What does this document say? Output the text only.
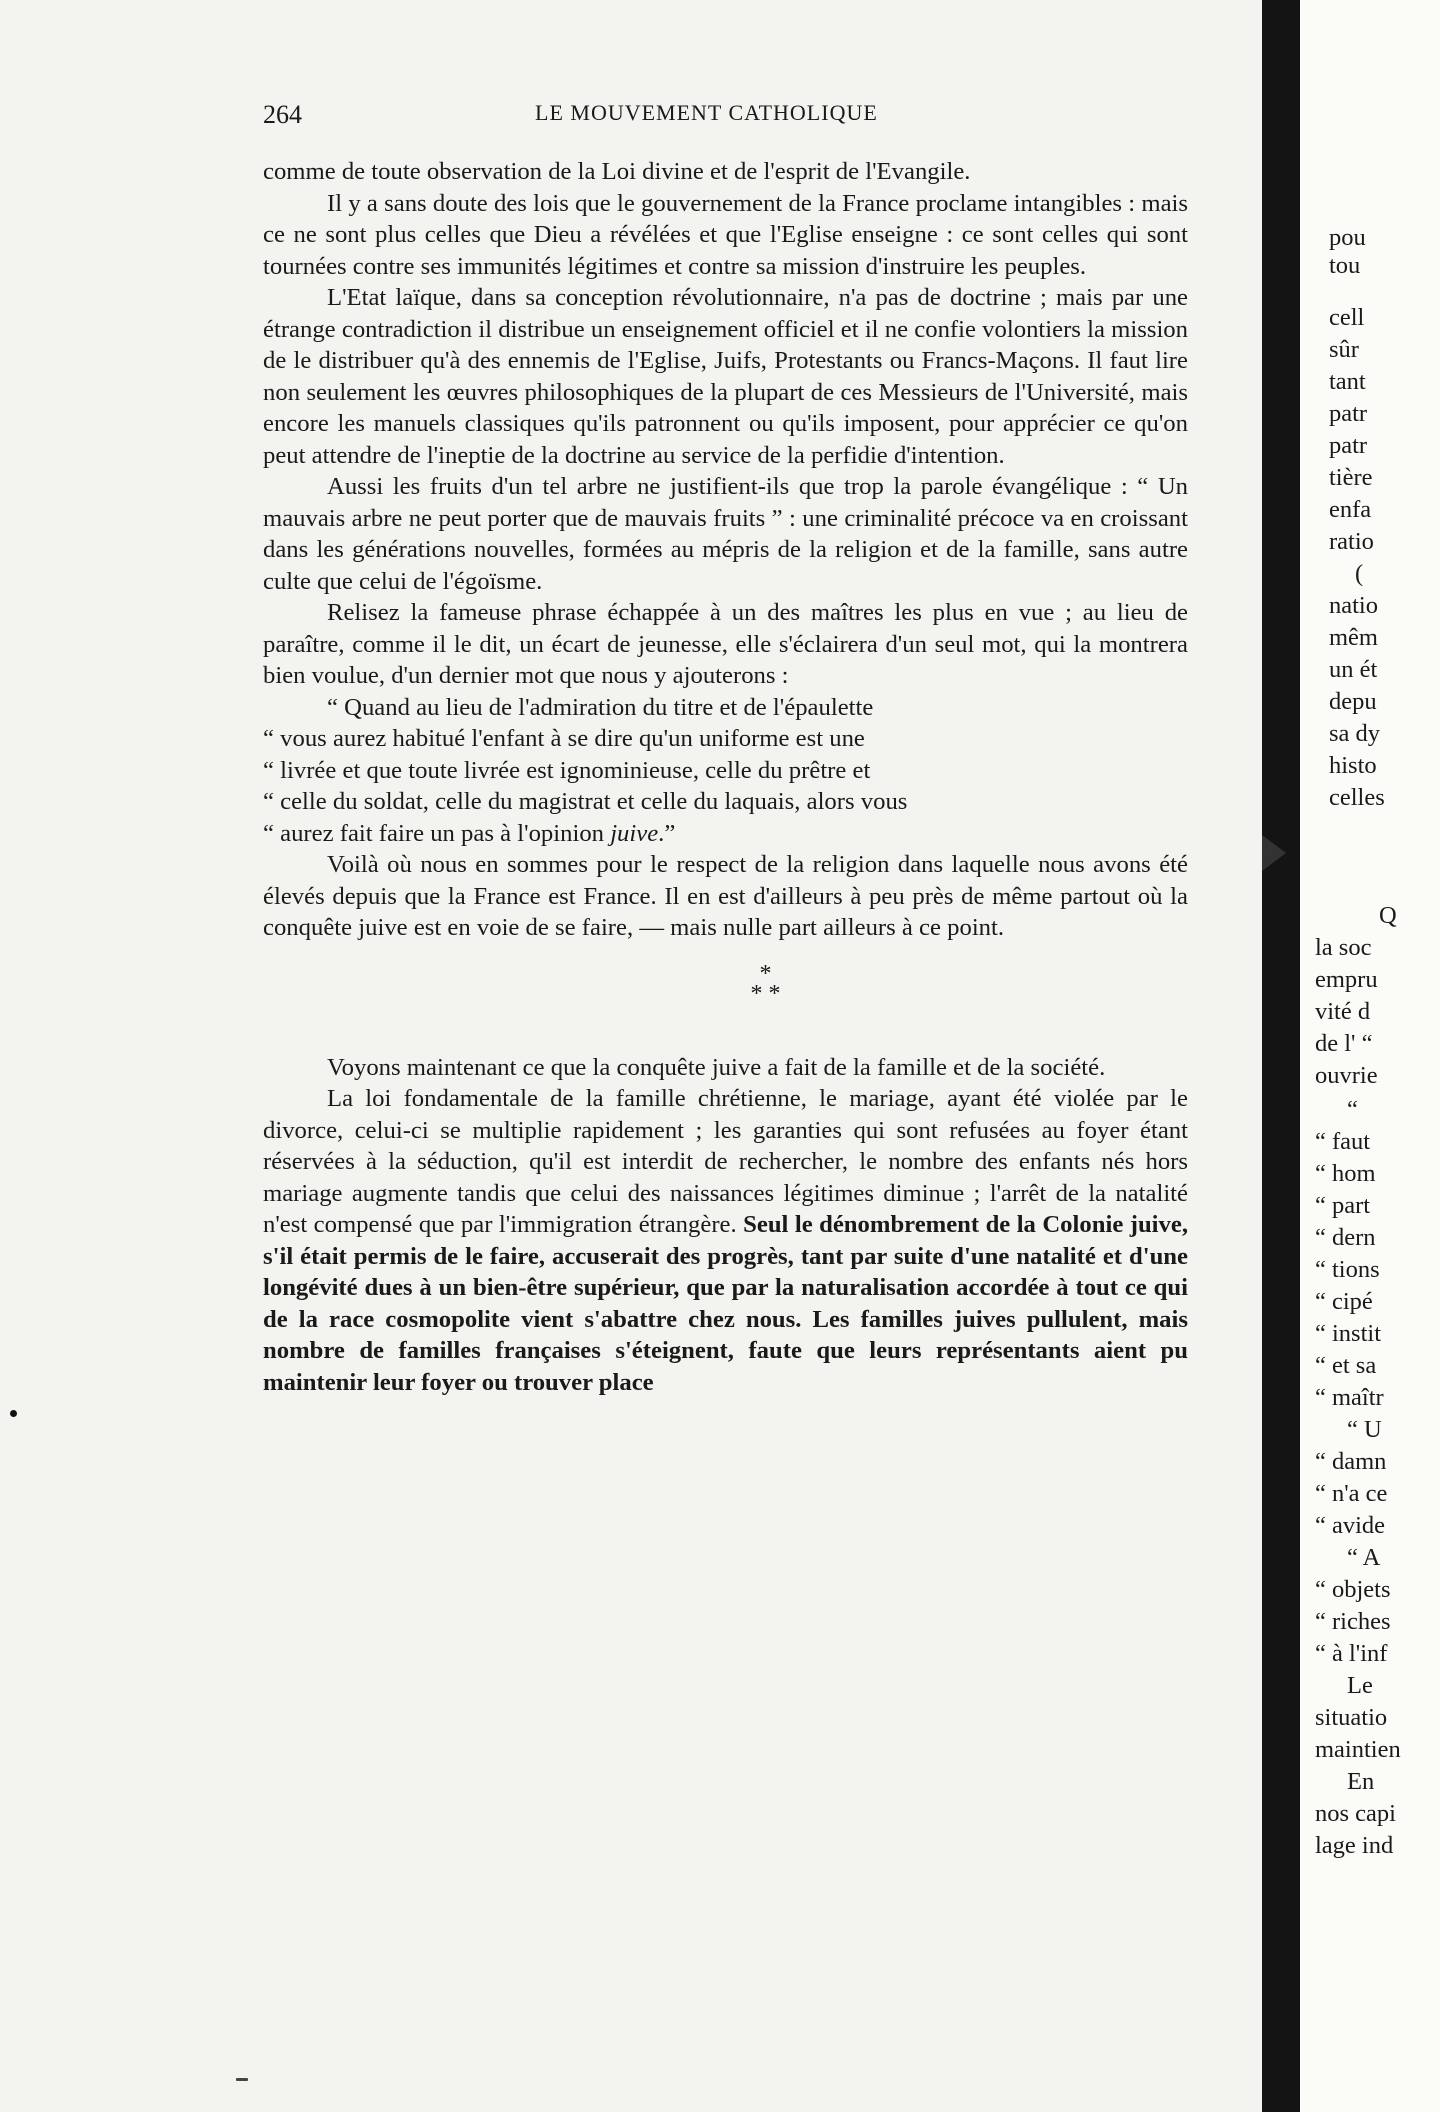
264	LE MOUVEMENT CATHOLIQUE

comme de toute observation de la Loi divine et de l'esprit de l'Evangile.

Il y a sans doute des lois que le gouvernement de la France proclame intangibles : mais ce ne sont plus celles que Dieu a révélées et que l'Eglise enseigne : ce sont celles qui sont tournées contre ses immunités légitimes et contre sa mission d'instruire les peuples.

L'Etat laïque, dans sa conception révolutionnaire, n'a pas de doctrine ; mais par une étrange contradiction il distribue un enseignement officiel et il ne confie volontiers la mission de le distribuer qu'à des ennemis de l'Eglise, Juifs, Protestants ou Francs-Maçons. Il faut lire non seulement les œuvres philosophiques de la plupart de ces Messieurs de l'Université, mais encore les manuels classiques qu'ils patronnent ou qu'ils imposent, pour apprécier ce qu'on peut attendre de l'ineptie de la doctrine au service de la perfidie d'intention.

Aussi les fruits d'un tel arbre ne justifient-ils que trop la parole évangélique : “ Un mauvais arbre ne peut porter que de mauvais fruits ” : une criminalité précoce va en croissant dans les générations nouvelles, formées au mépris de la religion et de la famille, sans autre culte que celui de l'égoïsme.

Relisez la fameuse phrase échappée à un des maîtres les plus en vue ; au lieu de paraître, comme il le dit, un écart de jeunesse, elle s'éclairera d'un seul mot, qui la montrera bien voulue, d'un dernier mot que nous y ajouterons :

“ Quand au lieu de l'admiration du titre et de l'épaulette

“ vous aurez habitué l'enfant à se dire qu'un uniforme est une

“ livrée et que toute livrée est ignominieuse, celle du prêtre et

“ celle du soldat, celle du magistrat et celle du laquais, alors vous

“ aurez fait faire un pas à l'opinion juive.”

Voilà où nous en sommes pour le respect de la religion dans laquelle nous avons été élevés depuis que la France est France. Il en est d'ailleurs à peu près de même partout où la conquête juive est en voie de se faire, — mais nulle part ailleurs à ce point.

*
* *

Voyons maintenant ce que la conquête juive a fait de la famille et de la société.

La loi fondamentale de la famille chrétienne, le mariage, ayant été violée par le divorce, celui-ci se multiplie rapidement ; les garanties qui sont refusées au foyer étant réservées à la séduction, qu'il est interdit de rechercher, le nombre des enfants nés hors mariage augmente tandis que celui des naissances légitimes diminue ; l'arrêt de la natalité n'est compensé que par l'immigration étrangère. Seul le dénombrement de la Colonie juive, s'il était permis de le faire, accuserait des progrès, tant par suite d'une natalité et d'une longévité dues à un bien-être supérieur, que par la naturalisation accordée à tout ce qui de la race cosmopolite vient s'abattre chez nous. Les familles juives pullulent, mais nombre de familles françaises s'éteignent, faute que leurs représentants aient pu maintenir leur foyer ou trouver place

pou
tou
cell
sûr
tant
patr
patr
tière
enfa
ratio
(
natio
mêm
un ét
depu
sa dy
histo
celles
Q
la soc
empru
vité d
de l' “
ouvrie
“
“ faut
“ hom
“ part
“ dern
“ tions
“ cipé
“ instit
“ et sa
“ maîtr
“ U
“ damn
“ n'a ce
“ avide
“ A
“ objets
“ riches
“ à l'inf
Le
situatio
maintien
En
nos capi
lage ind
